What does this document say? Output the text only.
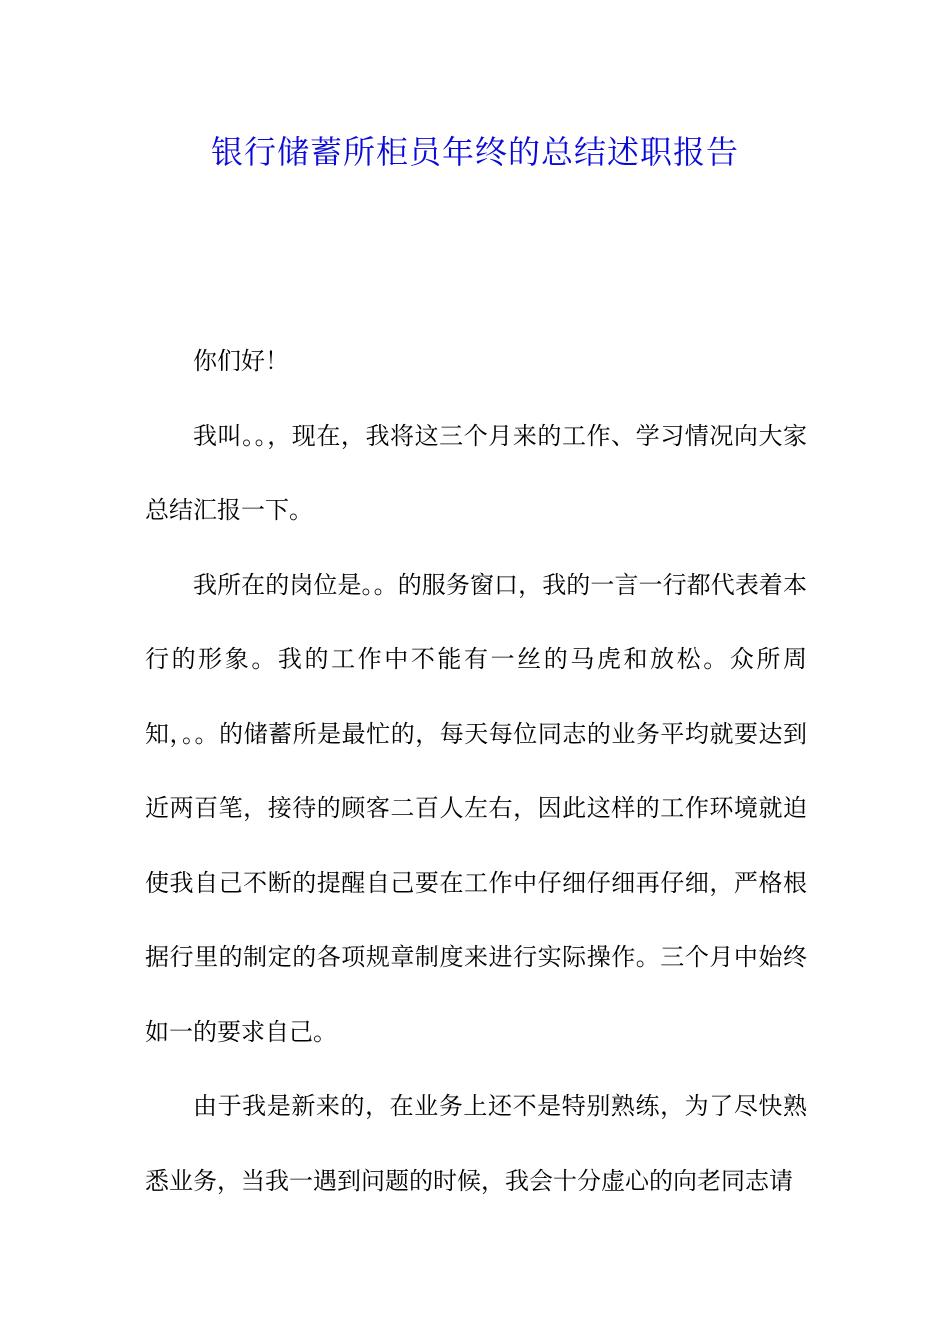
银行储蓄所柜员年终的总结述职报告

你们好！

我叫。。，现在，我将这三个月来的工作、学习情况向大家总结汇报一下。

我所在的岗位是。。的服务窗口，我的一言一行都代表着本行的形象。我的工作中不能有一丝的马虎和放松。众所周知，。。的储蓄所是最忙的，每天每位同志的业务平均就要达到近两百笔，接待的顾客二百人左右，因此这样的工作环境就迫使我自己不断的提醒自己要在工作中仔细仔细再仔细，严格根据行里的制定的各项规章制度来进行实际操作。三个月中始终如一的要求自己。

由于我是新来的，在业务上还不是特别熟练，为了尽快熟悉业务，当我一遇到问题的时候，我会十分虚心的向老同志请
